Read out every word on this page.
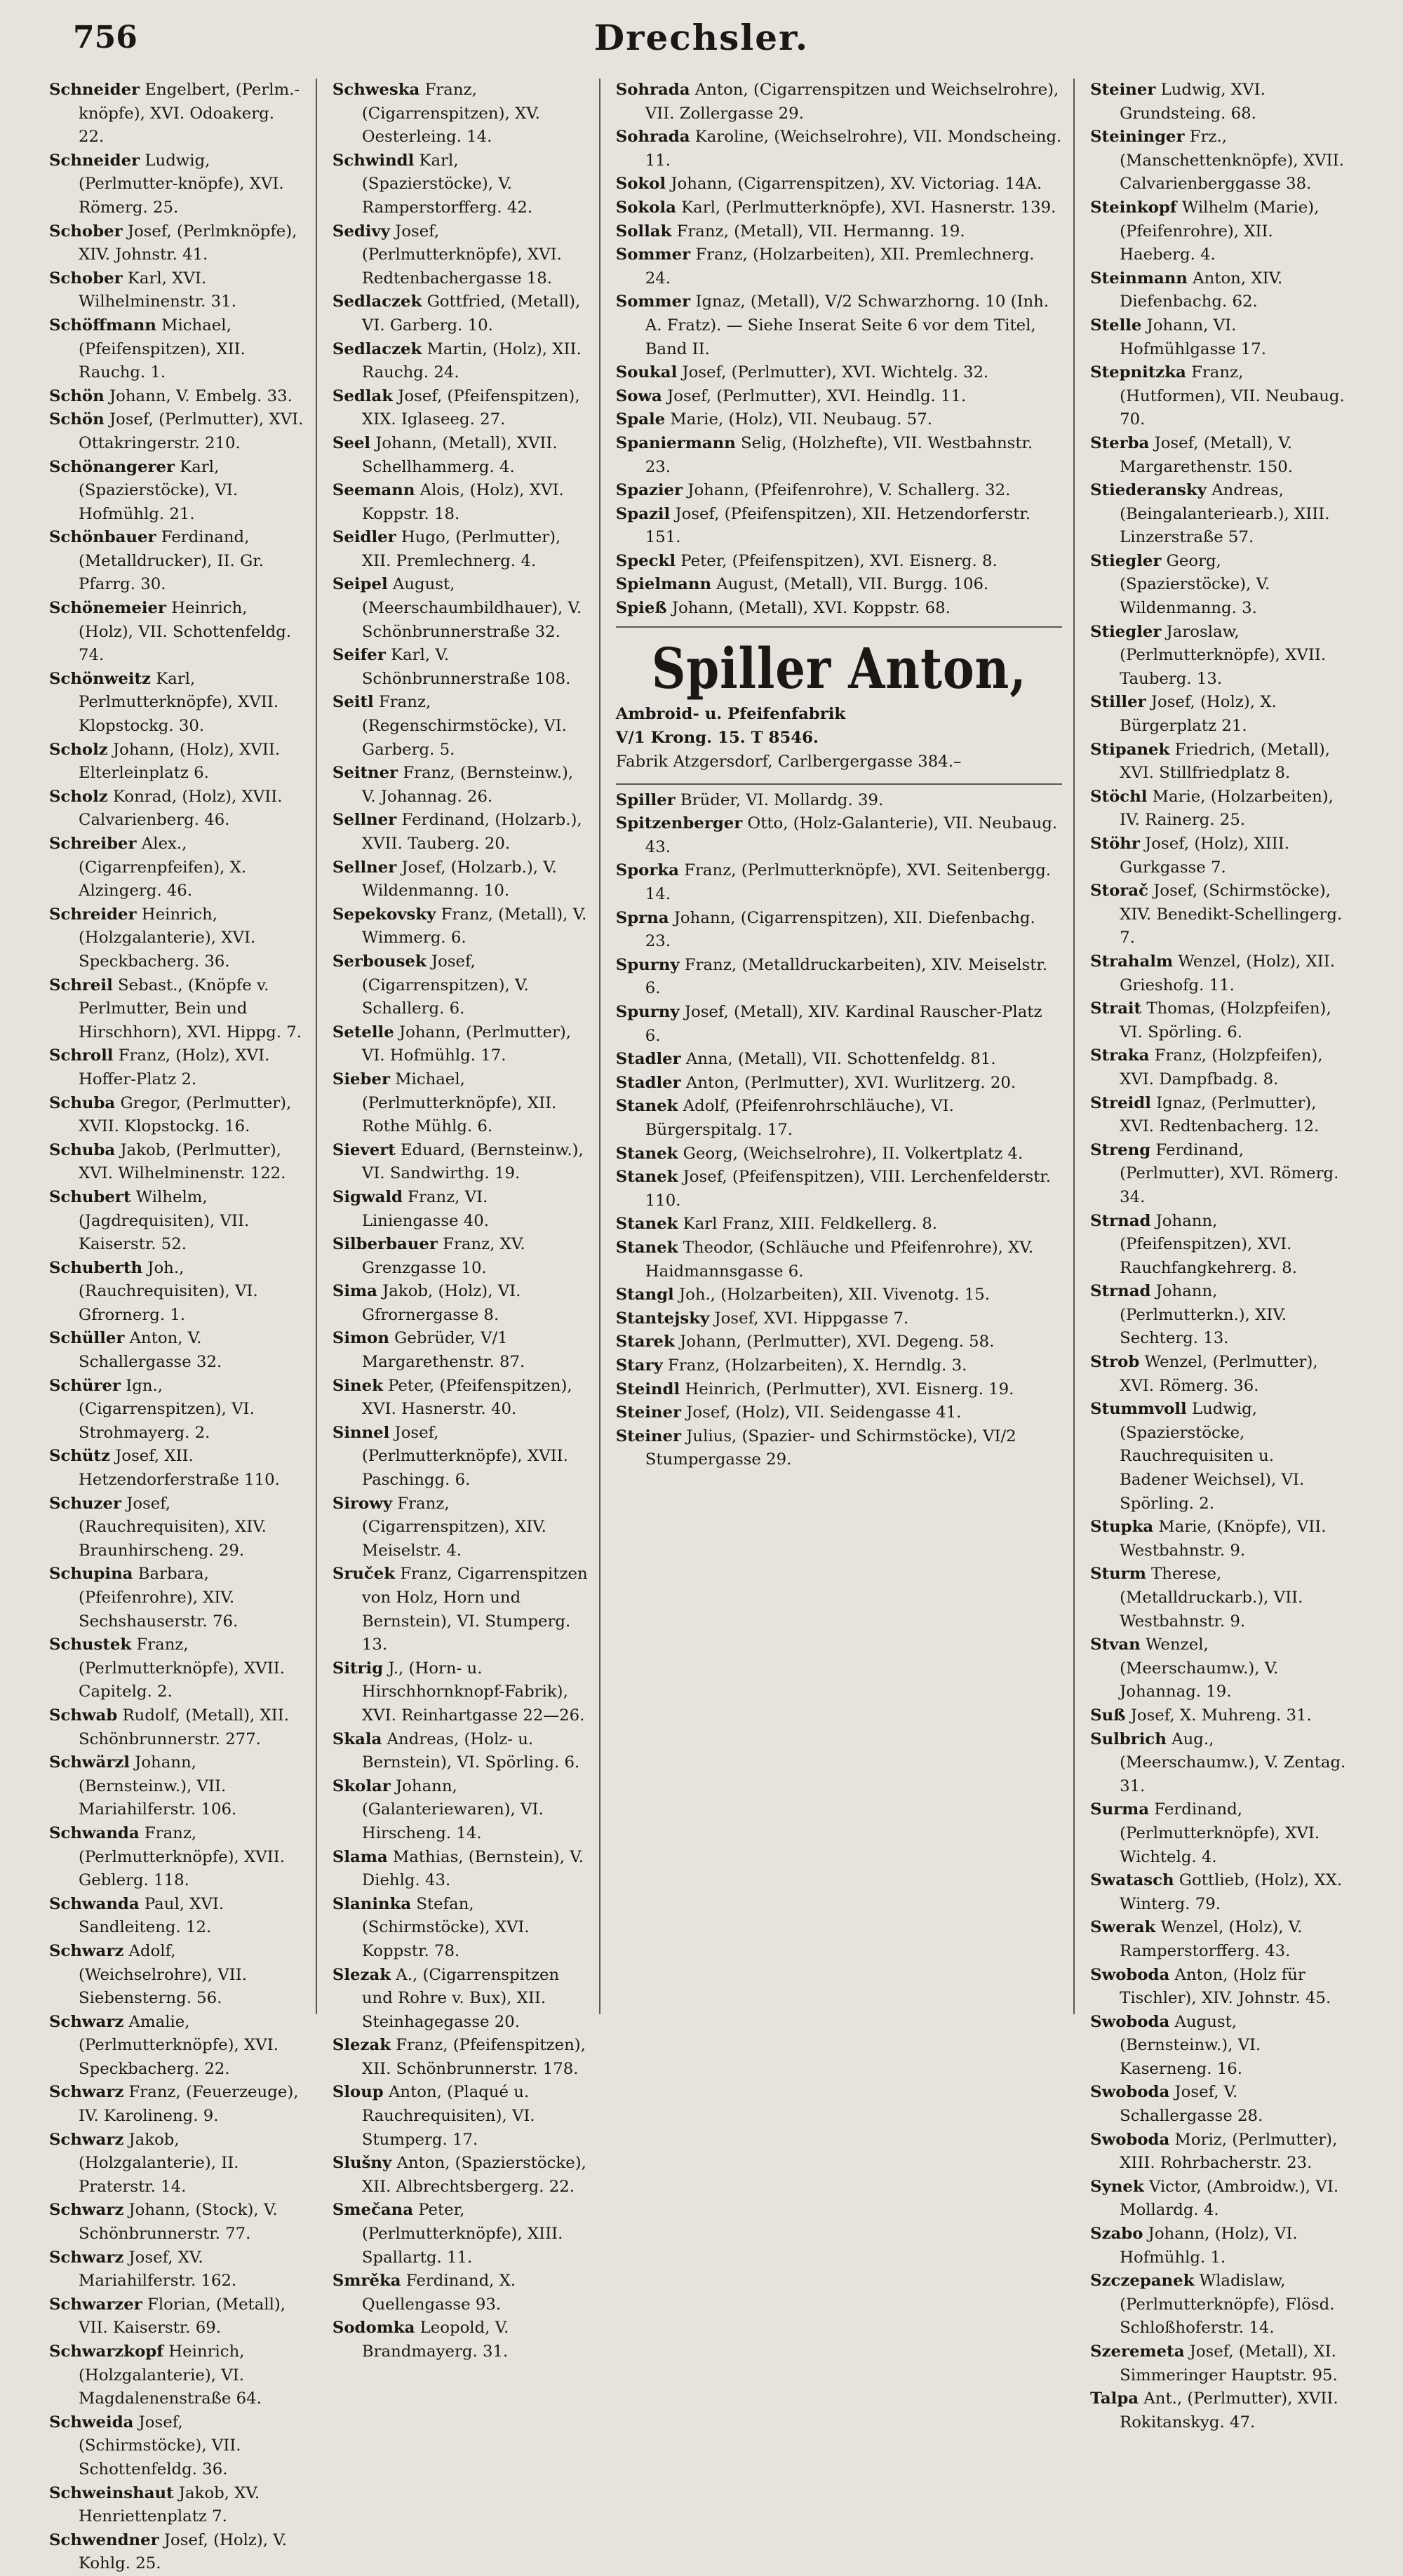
756	Drechsler.
Schneider Engelbert, (Perlm.-knöpfe), XVI. Odoakerg. 22.
Schneider Ludwig, (Perlmutter-knöpfe), XVI. Römerg. 25.
Schober Josef, (Perlmknöpfe), XIV. Johnstr. 41.
Schober Karl, XVI. Wilhelminenstr. 31.
Schöffmann Michael, (Pfeifenspitzen), XII. Rauchg. 1.
Schön Johann, V. Embelg. 33.
Schön Josef, (Perlmutter), XVI. Ottakringerstr. 210.
Schönangerer Karl, (Spazierstöcke), VI. Hofmühlg. 21.
Schönbauer Ferdinand, (Metalldrucker), II. Gr. Pfarrg. 30.
Schönemeier Heinrich, (Holz), VII. Schottenfeldg. 74.
Schönweitz Karl, Perlmutterknöpfe), XVII. Klopstockg. 30.
Scholz Johann, (Holz), XVII. Elterleinplatz 6.
Scholz Konrad, (Holz), XVII. Calvarienberg. 46.
Schreiber Alex., (Cigarrenpfeifen), X. Alzingerg. 46.
Schreider Heinrich, (Holzgalanterie), XVI. Speckbacherg. 36.
Schreil Sebast., (Knöpfe v. Perlmutter, Bein und Hirschhorn), XVI. Hippg. 7.
Schroll Franz, (Holz), XVI. Hoffer-Platz 2.
Schuba Gregor, (Perlmutter), XVII. Klopstockg. 16.
Schuba Jakob, (Perlmutter), XVI. Wilhelminenstr. 122.
Schubert Wilhelm, (Jagdrequisiten), VII. Kaiserstr. 52.
Schuberth Joh., (Rauchrequisiten), VI. Gfrornerg. 1.
Schüller Anton, V. Schallergasse 32.
Schürer Ign., (Cigarrenspitzen), VI. Strohmayerg. 2.
Schütz Josef, XII. Hetzendorferstraße 110.
Schuzer Josef, (Rauchrequisiten), XIV. Braunhirscheng. 29.
Schupina Barbara, (Pfeifenrohre), XIV. Sechshauserstr. 76.
Schustek Franz, (Perlmutterknöpfe), XVII. Capitelg. 2.
Schwab Rudolf, (Metall), XII. Schönbrunnerstr. 277.
Schwärzl Johann, (Bernsteinw.), VII. Mariahilferstr. 106.
Schwanda Franz, (Perlmutterknöpfe), XVII. Geblerg. 118.
Schwanda Paul, XVI. Sandleiteng. 12.
Schwarz Adolf, (Weichselrohre), VII. Siebensterng. 56.
Schwarz Amalie, (Perlmutterknöpfe), XVI. Speckbacherg. 22.
Schwarz Franz, (Feuerzeuge), IV. Karolineng. 9.
Schwarz Jakob, (Holzgalanterie), II. Praterstr. 14.
Schwarz Johann, (Stock), V. Schönbrunnerstr. 77.
Schwarz Josef, XV. Mariahilferstr. 162.
Schwarzer Florian, (Metall), VII. Kaiserstr. 69.
Schwarzkopf Heinrich, (Holzgalanterie), VI. Magdalenenstraße 64.
Schweida Josef, (Schirmstöcke), VII. Schottenfeldg. 36.
Schweinshaut Jakob, XV. Henriettenplatz 7.
Schwendner Josef, (Holz), V. Kohlg. 25.
Schweska Franz, (Cigarrenspitzen), XV. Oesterleing. 14.
Schwindl Karl, (Spazierstöcke), V. Ramperstorfferg. 42.
Sedivy Josef, (Perlmutterknöpfe), XVI. Redtenbachergasse 18.
Sedlaczek Gottfried, (Metall), VI. Garberg. 10.
Sedlaczek Martin, (Holz), XII. Rauchg. 24.
Sedlak Josef, (Pfeifenspitzen), XIX. Iglaseeg. 27.
Seel Johann, (Metall), XVII. Schellhammerg. 4.
Seemann Alois, (Holz), XVI. Koppstr. 18.
Seidler Hugo, (Perlmutter), XII. Premlechnerg. 4.
Seipel August, (Meerschaumbildhauer), V. Schönbrunnerstraße 32.
Seifer Karl, V. Schönbrunnerstraße 108.
Seitl Franz, (Regenschirmstöcke), VI. Garberg. 5.
Seitner Franz, (Bernsteinw.), V. Johannag. 26.
Sellner Ferdinand, (Holzarb.), XVII. Tauberg. 20.
Sellner Josef, (Holzarb.), V. Wildenmanng. 10.
Sepekovsky Franz, (Metall), V. Wimmerg. 6.
Serbousek Josef, (Cigarrenspitzen), V. Schallerg. 6.
Setelle Johann, (Perlmutter), VI. Hofmühlg. 17.
Sieber Michael, (Perlmutterknöpfe), XII. Rothe Mühlg. 6.
Sievert Eduard, (Bernsteinw.), VI. Sandwirthg. 19.
Sigwald Franz, VI. Liniengasse 40.
Silberbauer Franz, XV. Grenzgasse 10.
Sima Jakob, (Holz), VI. Gfrornergasse 8.
Simon Gebrüder, V/1 Margarethenstr. 87.
Sinek Peter, (Pfeifenspitzen), XVI. Hasnerstr. 40.
Sinnel Josef, (Perlmutterknöpfe), XVII. Paschingg. 6.
Sirowy Franz, (Cigarrenspitzen), XIV. Meiselstr. 4.
Sruček Franz, Cigarrenspitzen von Holz, Horn und Bernstein), VI. Stumperg. 13.
Sitrig J., (Horn- u. Hirschhornknopf-Fabrik), XVI. Reinhartgasse 22—26.
Skala Andreas, (Holz- u. Bernstein), VI. Spörling. 6.
Skolar Johann, (Galanteriewaren), VI. Hirscheng. 14.
Slama Mathias, (Bernstein), V. Diehlg. 43.
Slaninka Stefan, (Schirmstöcke), XVI. Koppstr. 78.
Slezak A., (Cigarrenspitzen und Rohre v. Bux), XII. Steinhagegasse 20.
Slezak Franz, (Pfeifenspitzen), XII. Schönbrunnerstr. 178.
Sloup Anton, (Plaqué u. Rauchrequisiten), VI. Stumperg. 17.
Slušny Anton, (Spazierstöcke), XII. Albrechtsbergerg. 22.
Smečana Peter, (Perlmutterknöpfe), XIII. Spallartg. 11.
Smrěka Ferdinand, X. Quellengasse 93.
Sodomka Leopold, V. Brandmayerg. 31.
Sohrada Anton, (Cigarrenspitzen und Weichselrohre), VII. Zollergasse 29.
Sohrada Karoline, (Weichselrohre), VII. Mondscheing. 11.
Sokol Johann, (Cigarrenspitzen), XV. Victoriag. 14A.
Sokola Karl, (Perlmutterknöpfe), XVI. Hasnerstr. 139.
Sollak Franz, (Metall), VII. Hermanng. 19.
Sommer Franz, (Holzarbeiten), XII. Premlechnerg. 24.
Sommer Ignaz, (Metall), V/2 Schwarzhorng. 10 (Inh. A. Fratz). — Siehe Inserat Seite 6 vor dem Titel, Band II.
Soukal Josef, (Perlmutter), XVI. Wichtelg. 32.
Sowa Josef, (Perlmutter), XVI. Heindlg. 11.
Spale Marie, (Holz), VII. Neubaug. 57.
Spaniermann Selig, (Holzhefte), VII. Westbahnstr. 23.
Spazier Johann, (Pfeifenrohre), V. Schallerg. 32.
Spazil Josef, (Pfeifenspitzen), XII. Hetzendorferstr. 151.
Speckl Peter, (Pfeifenspitzen), XVI. Eisnerg. 8.
Spielmann August, (Metall), VII. Burgg. 106.
Spieß Johann, (Metall), XVI. Koppstr. 68.
Spiller Anton,
Ambroid- u. Pfeifenfabrik
V/1 Krong. 15. T 8546.
Fabrik Atzgersdorf, Carlbergergasse 384.–
Spiller Brüder, VI. Mollardg. 39.
Spitzenberger Otto, (Holz-Galanterie), VII. Neubaug. 43.
Sporka Franz, (Perlmutterknöpfe), XVI. Seitenbergg. 14.
Sprna Johann, (Cigarrenspitzen), XII. Diefenbachg. 23.
Spurny Franz, (Metalldruckarbeiten), XIV. Meiselstr. 6.
Spurny Josef, (Metall), XIV. Kardinal Rauscher-Platz 6.
Stadler Anna, (Metall), VII. Schottenfeldg. 81.
Stadler Anton, (Perlmutter), XVI. Wurlitzerg. 20.
Stanek Adolf, (Pfeifenrohrschläuche), VI. Bürgerspitalg. 17.
Stanek Georg, (Weichselrohre), II. Volkertplatz 4.
Stanek Josef, (Pfeifenspitzen), VIII. Lerchenfelderstr. 110.
Stanek Karl Franz, XIII. Feldkellerg. 8.
Stanek Theodor, (Schläuche und Pfeifenrohre), XV. Haidmannsgasse 6.
Stangl Joh., (Holzarbeiten), XII. Vivenotg. 15.
Stantejsky Josef, XVI. Hippgasse 7.
Starek Johann, (Perlmutter), XVI. Degeng. 58.
Stary Franz, (Holzarbeiten), X. Herndlg. 3.
Steindl Heinrich, (Perlmutter), XVI. Eisnerg. 19.
Steiner Josef, (Holz), VII. Seidengasse 41.
Steiner Julius, (Spazier- und Schirmstöcke), VI/2 Stumpergasse 29.
Steiner Ludwig, XVI. Grundsteing. 68.
Steininger Frz., (Manschettenknöpfe), XVII. Calvarienberggasse 38.
Steinkopf Wilhelm (Marie), (Pfeifenrohre), XII. Haeberg. 4.
Steinmann Anton, XIV. Diefenbachg. 62.
Stelle Johann, VI. Hofmühlgasse 17.
Stepnitzka Franz, (Hutformen), VII. Neubaug. 70.
Sterba Josef, (Metall), V. Margarethenstr. 150.
Stiederansky Andreas, (Beingalanteriearb.), XIII. Linzerstraße 57.
Stiegler Georg, (Spazierstöcke), V. Wildenmanng. 3.
Stiegler Jaroslaw, (Perlmutterknöpfe), XVII. Tauberg. 13.
Stiller Josef, (Holz), X. Bürgerplatz 21.
Stipanek Friedrich, (Metall), XVI. Stillfriedplatz 8.
Stöchl Marie, (Holzarbeiten), IV. Rainerg. 25.
Stöhr Josef, (Holz), XIII. Gurkgasse 7.
Storač Josef, (Schirmstöcke), XIV. Benedikt-Schellingerg. 7.
Strahalm Wenzel, (Holz), XII. Grieshofg. 11.
Strait Thomas, (Holzpfeifen), VI. Spörling. 6.
Straka Franz, (Holzpfeifen), XVI. Dampfbadg. 8.
Streidl Ignaz, (Perlmutter), XVI. Redtenbacherg. 12.
Streng Ferdinand, (Perlmutter), XVI. Römerg. 34.
Strnad Johann, (Pfeifenspitzen), XVI. Rauchfangkehrerg. 8.
Strnad Johann, (Perlmutterkn.), XIV. Sechterg. 13.
Strob Wenzel, (Perlmutter), XVI. Römerg. 36.
Stummvoll Ludwig, (Spazierstöcke, Rauchrequisiten u. Badener Weichsel), VI. Spörling. 2.
Stupka Marie, (Knöpfe), VII. Westbahnstr. 9.
Sturm Therese, (Metalldruckarb.), VII. Westbahnstr. 9.
Stvan Wenzel, (Meerschaumw.), V. Johannag. 19.
Suß Josef, X. Muhreng. 31.
Sulbrich Aug., (Meerschaumw.), V. Zentag. 31.
Surma Ferdinand, (Perlmutterknöpfe), XVI. Wichtelg. 4.
Swatasch Gottlieb, (Holz), XX. Winterg. 79.
Swerak Wenzel, (Holz), V. Ramperstorfferg. 43.
Swoboda Anton, (Holz für Tischler), XIV. Johnstr. 45.
Swoboda August, (Bernsteinw.), VI. Kaserneng. 16.
Swoboda Josef, V. Schallergasse 28.
Swoboda Moriz, (Perlmutter), XIII. Rohrbacherstr. 23.
Synek Victor, (Ambroidw.), VI. Mollardg. 4.
Szabo Johann, (Holz), VI. Hofmühlg. 1.
Szczepanek Wladislaw, (Perlmutterknöpfe), Flösd. Schloßhoferstr. 14.
Szeremeta Josef, (Metall), XI. Simmeringer Hauptstr. 95.
Talpa Ant., (Perlmutter), XVII. Rokitanskyg. 47.
